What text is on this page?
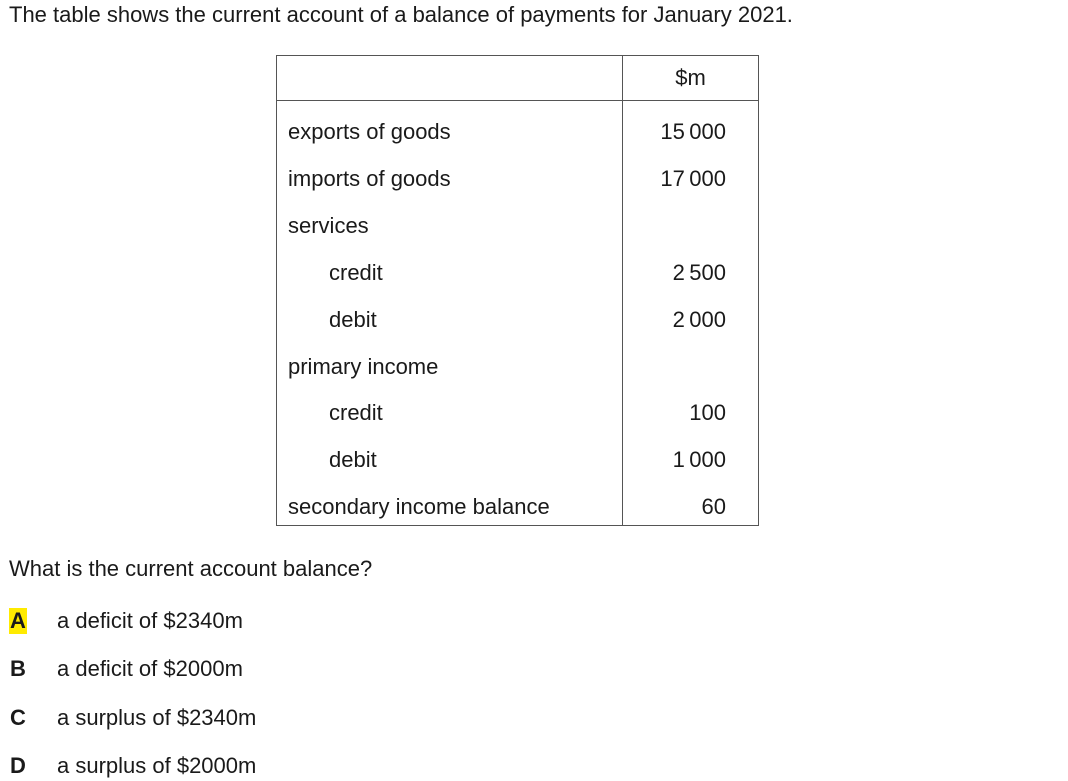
The table shows the current account of a balance of payments for January 2021.

$m
exports of goods	15 000
imports of goods	17 000
services
credit	2 500
debit	2 000
primary income
credit	100
debit	1 000
secondary income balance	60

What is the current account balance?

A a deficit of $2340m
B a deficit of $2000m
C a surplus of $2340m
D a surplus of $2000m
